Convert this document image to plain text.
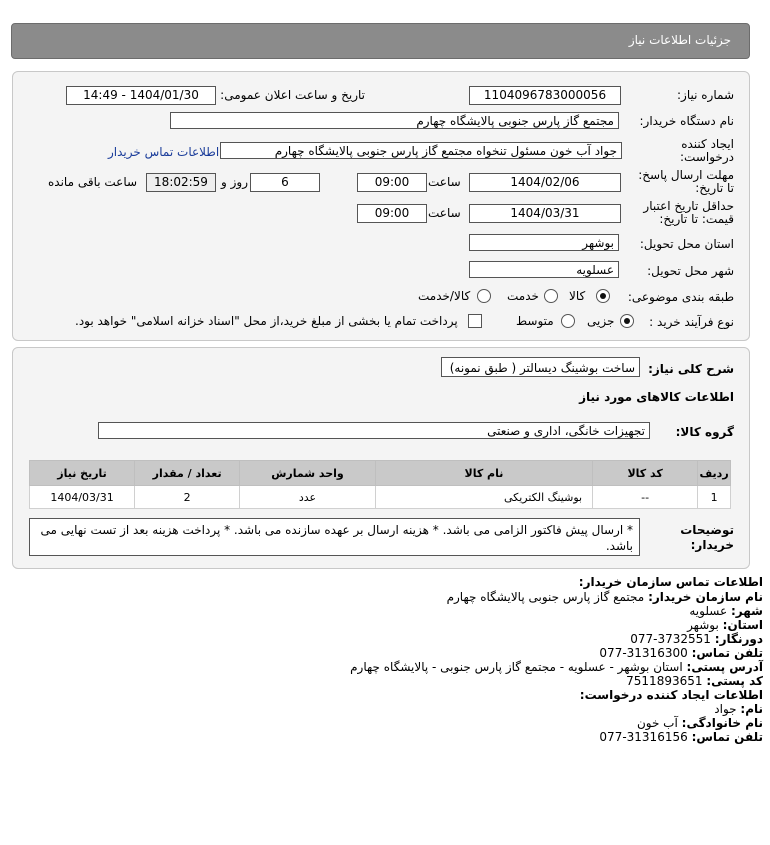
جزئیات اطلاعات نیاز
شماره نیاز:
1104096783000056
تاریخ و ساعت اعلان عمومی:
1404/01/30 - 14:49
نام دستگاه خریدار:
مجتمع گاز پارس جنوبی پالایشگاه چهارم
ایجاد کننده
درخواست:
جواد آب خون مسئول تنخواه مجتمع گاز پارس جنوبی پالایشگاه چهارم
اطلاعات تماس خریدار
مهلت ارسال پاسخ:
تا تاریخ:
1404/02/06
ساعت
09:00
6
روز و
18:02:59
ساعت باقی مانده
حداقل تاریخ اعتبار
قیمت: تا تاریخ:
1404/03/31
ساعت
09:00
استان محل تحویل:
بوشهر
شهر محل تحویل:
عسلویه
طبقه بندی موضوعی:
کالا
خدمت
کالا/خدمت
نوع فرآیند خرید :
جزیی
متوسط
پرداخت تمام یا بخشی از مبلغ خرید،از محل "اسناد خزانه اسلامی" خواهد بود.
شرح کلی نیاز:
ساخت بوشینگ دیسالتر ( طبق نمونه)
اطلاعات کالاهای مورد نیاز
گروه کالا:
تجهیزات خانگی، اداری و صنعتی
ردیف	کد کالا	نام کالا	واحد شمارش	تعداد / مقدار	تاریخ نیاز
1	--	بوشینگ الکتریکی	عدد	2	1404/03/31
توضیحات
خریدار:
* ارسال پیش فاکتور الزامی می باشد. * هزینه ارسال بر عهده سازنده می باشد. * پرداخت هزینه بعد از تست نهایی می باشد.
اطلاعات تماس سازمان خریدار:
نام سازمان خریدار: مجتمع گاز پارس جنوبی پالایشگاه چهارم
شهر: عسلویه
استان: بوشهر
دورنگار: 077-3732551
تلفن تماس: 077-31316300
آدرس پستی: استان بوشهر - عسلویه - مجتمع گاز پارس جنوبی - پالایشگاه چهارم
کد پستی: 7511893651
اطلاعات ایجاد کننده درخواست:
نام: جواد
نام خانوادگی: آب خون
تلفن تماس: 077-31316156
